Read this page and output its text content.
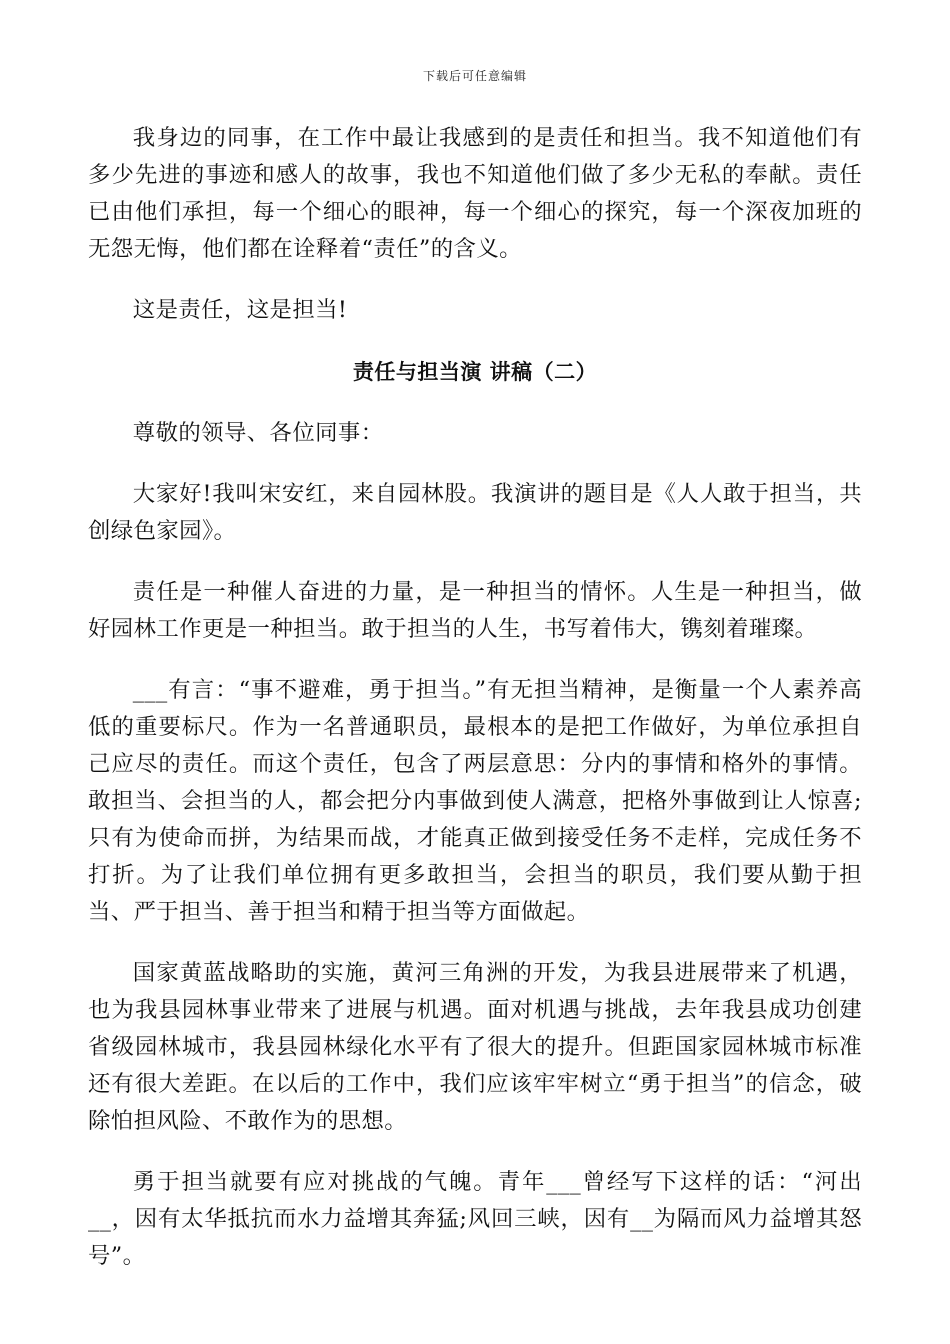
下载后可任意编辑

我身边的同事，在工作中最让我感到的是责任和担当。我不知道他们有多少先进的事迹和感人的故事，我也不知道他们做了多少无私的奉献。责任已由他们承担，每一个细心的眼神，每一个细心的探究，每一个深夜加班的无怨无悔，他们都在诠释着“责任”的含义。

这是责任，这是担当!

责任与担当演 讲稿（二）

尊敬的领导、各位同事：

大家好!我叫宋安红，来自园林股。我演讲的题目是《人人敢于担当，共创绿色家园》。

责任是一种催人奋进的力量，是一种担当的情怀。人生是一种担当，做好园林工作更是一种担当。敢于担当的人生，书写着伟大，镌刻着璀璨。

___有言：“事不避难，勇于担当。”有无担当精神，是衡量一个人素养高低的重要标尺。作为一名普通职员，最根本的是把工作做好，为单位承担自己应尽的责任。而这个责任，包含了两层意思：分内的事情和格外的事情。敢担当、会担当的人，都会把分内事做到使人满意，把格外事做到让人惊喜;只有为使命而拼，为结果而战，才能真正做到接受任务不走样，完成任务不打折。为了让我们单位拥有更多敢担当，会担当的职员，我们要从勤于担当、严于担当、善于担当和精于担当等方面做起。

国家黄蓝战略助的实施，黄河三角洲的开发，为我县进展带来了机遇，也为我县园林事业带来了进展与机遇。面对机遇与挑战，去年我县成功创建省级园林城市，我县园林绿化水平有了很大的提升。但距国家园林城市标准还有很大差距。在以后的工作中，我们应该牢牢树立“勇于担当”的信念，破除怕担风险、不敢作为的思想。

勇于担当就要有应对挑战的气魄。青年___曾经写下这样的话：“河出__，因有太华抵抗而水力益增其奔猛;风回三峡，因有__为隔而风力益增其怒号”。
